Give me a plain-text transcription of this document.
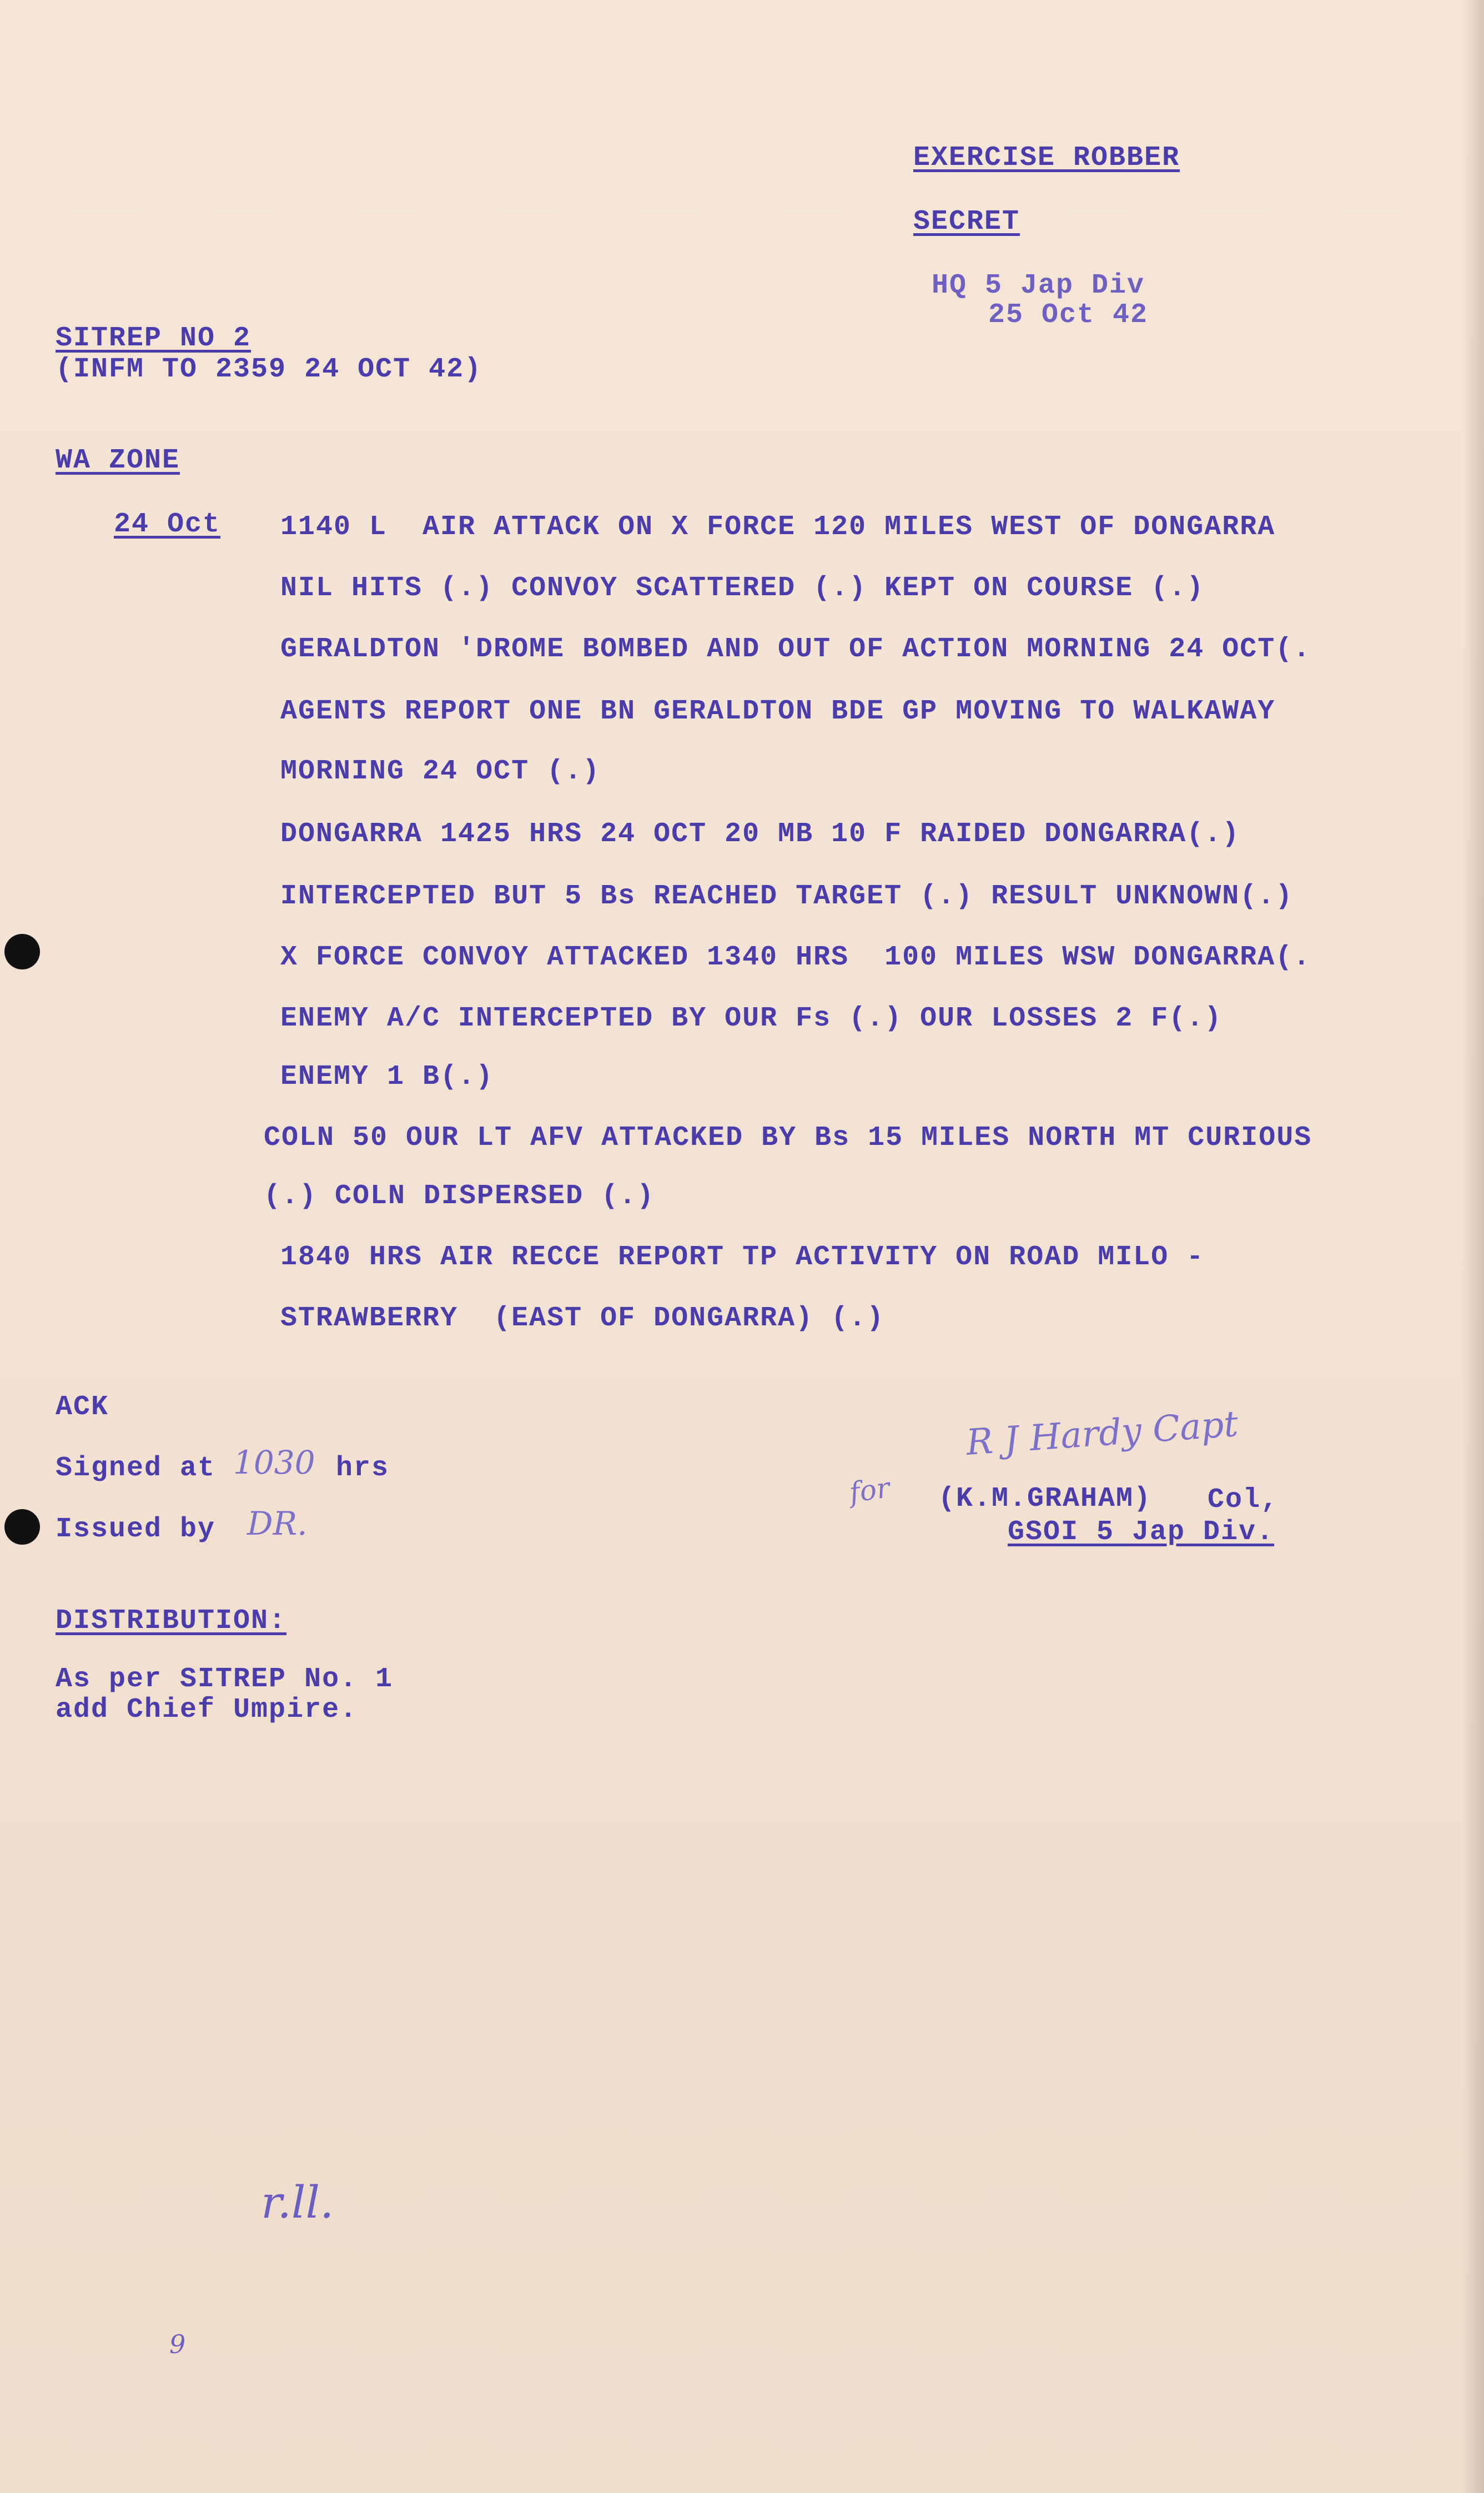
EXERCISE ROBBER
SECRET
HQ 5 Jap Div
25 Oct 42
SITREP NO 2
(INFM TO 2359 24 OCT 42)
WA ZONE
24 Oct 1140 L  AIR ATTACK ON X FORCE 120 MILES WEST OF DONGARRA
NIL HITS (.) CONVOY SCATTERED (.) KEPT ON COURSE (.)
GERALDTON 'DROME BOMBED AND OUT OF ACTION MORNING 24 OCT(.
AGENTS REPORT ONE BN GERALDTON BDE GP MOVING TO WALKAWAY
MORNING 24 OCT (.)
DONGARRA 1425 HRS 24 OCT 20 MB 10 F RAIDED DONGARRA(.)
INTERCEPTED BUT 5 Bs REACHED TARGET (.) RESULT UNKNOWN(.)
X FORCE CONVOY ATTACKED 1340 HRS  100 MILES WSW DONGARRA(.
ENEMY A/C INTERCEPTED BY OUR Fs (.) OUR LOSSES 2 F(.)
ENEMY 1 B(.)
COLN 50 OUR LT AFV ATTACKED BY Bs 15 MILES NORTH MT CURIOUS
(.) COLN DISPERSED (.)
1840 HRS AIR RECCE REPORT TP ACTIVITY ON ROAD MILO -
STRAWBERRY  (EAST OF DONGARRA) (.)
ACK
Signed at 1030 hrs
Issued by DR.
R J Hardy Capt
for (K.M.GRAHAM) Col,
GSOI 5 Jap Div.
DISTRIBUTION:
As per SITREP No. 1
add Chief Umpire.
r.ll.
9
